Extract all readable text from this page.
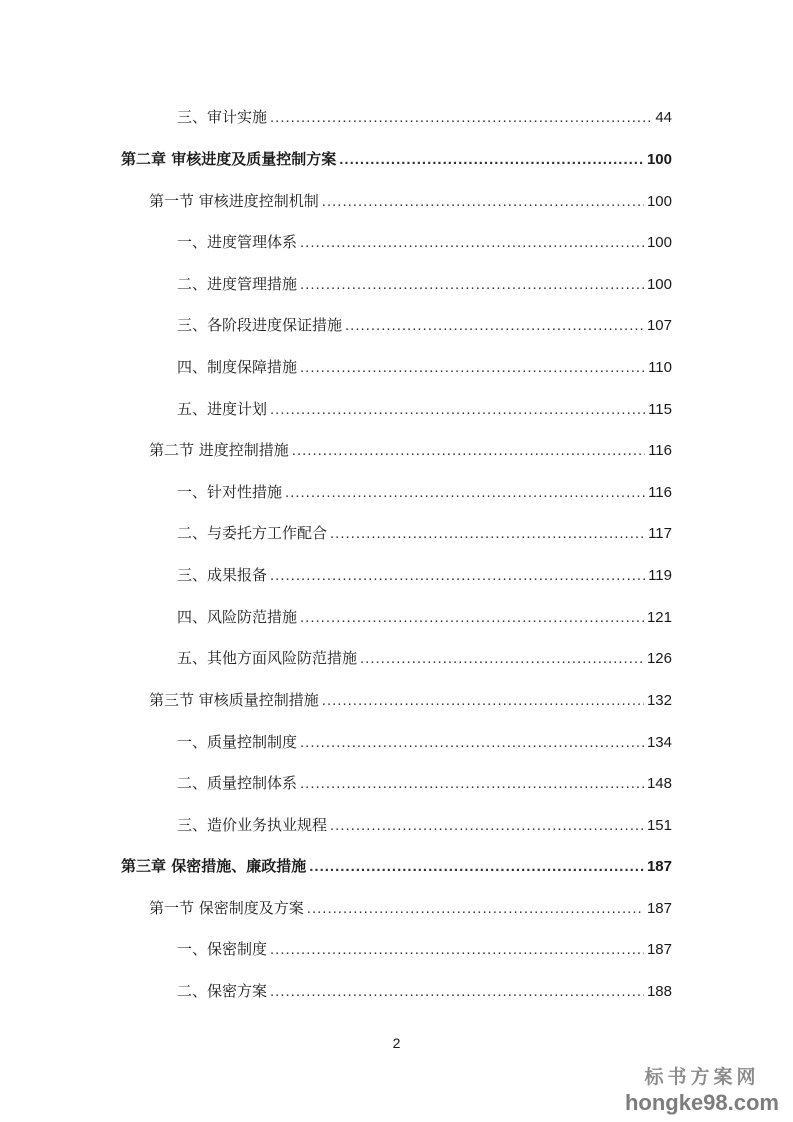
三、审计实施 .....	44
第二章 审核进度及质量控制方案 .....	100
第一节 审核进度控制机制 .....	100
一、进度管理体系 .....	100
二、进度管理措施 .....	100
三、各阶段进度保证措施 .....	107
四、制度保障措施 .....	110
五、进度计划 .....	115
第二节 进度控制措施 .....	116
一、针对性措施 .....	116
二、与委托方工作配合 .....	117
三、成果报备 .....	119
四、风险防范措施 .....	121
五、其他方面风险防范措施 .....	126
第三节 审核质量控制措施 .....	132
一、质量控制制度 .....	134
二、质量控制体系 .....	148
三、造价业务执业规程 .....	151
第三章 保密措施、廉政措施 .....	187
第一节 保密制度及方案 .....	187
一、保密制度 .....	187
二、保密方案 .....	188
2
标书方案网
hongke98.com
